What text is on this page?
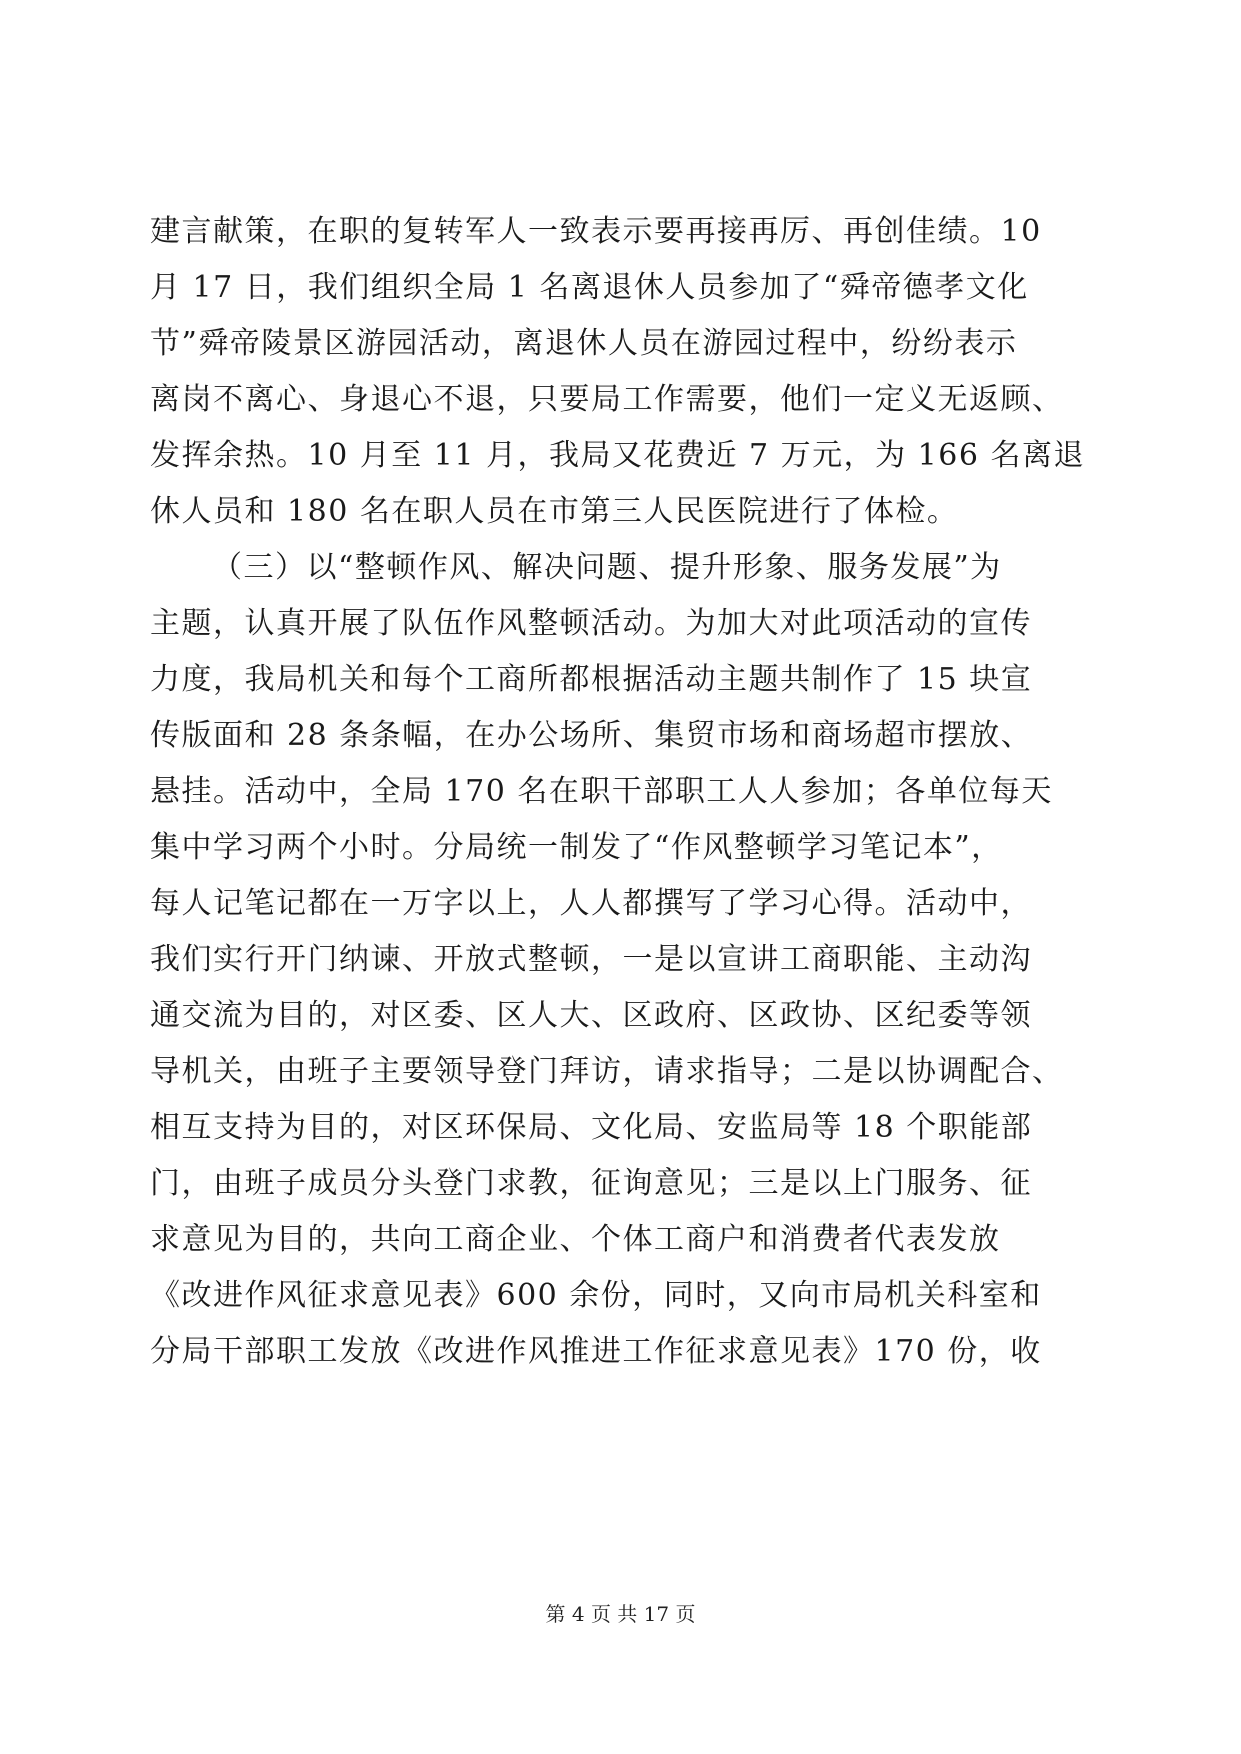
建言献策，在职的复转军人一致表示要再接再厉、再创佳绩。10
月 17 日，我们组织全局 1 名离退休人员参加了“舜帝德孝文化
节”舜帝陵景区游园活动，离退休人员在游园过程中，纷纷表示
离岗不离心、身退心不退，只要局工作需要，他们一定义无返顾、
发挥余热。10 月至 11 月，我局又花费近 7 万元，为 166 名离退
休人员和 180 名在职人员在市第三人民医院进行了体检。
（三）以“整顿作风、解决问题、提升形象、服务发展”为
主题，认真开展了队伍作风整顿活动。为加大对此项活动的宣传
力度，我局机关和每个工商所都根据活动主题共制作了 15 块宣
传版面和 28 条条幅，在办公场所、集贸市场和商场超市摆放、
悬挂。活动中，全局 170 名在职干部职工人人参加；各单位每天
集中学习两个小时。分局统一制发了“作风整顿学习笔记本”，
每人记笔记都在一万字以上，人人都撰写了学习心得。活动中，
我们实行开门纳谏、开放式整顿，一是以宣讲工商职能、主动沟
通交流为目的，对区委、区人大、区政府、区政协、区纪委等领
导机关，由班子主要领导登门拜访，请求指导；二是以协调配合、
相互支持为目的，对区环保局、文化局、安监局等 18 个职能部
门，由班子成员分头登门求教，征询意见；三是以上门服务、征
求意见为目的，共向工商企业、个体工商户和消费者代表发放
《改进作风征求意见表》600 余份，同时，又向市局机关科室和
分局干部职工发放《改进作风推进工作征求意见表》170 份，收
第 4 页 共 17 页
